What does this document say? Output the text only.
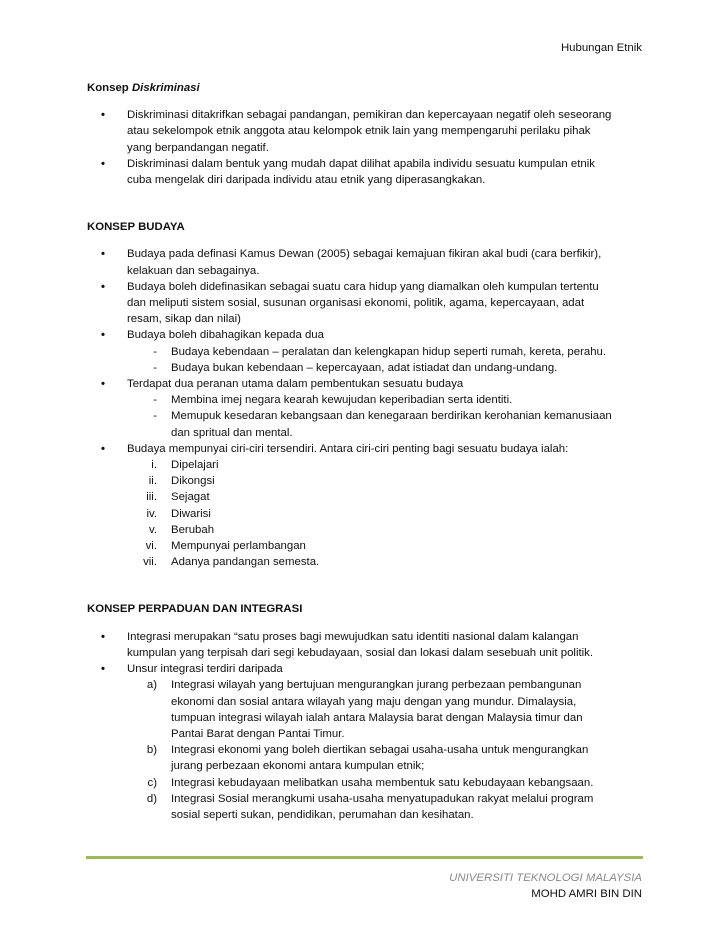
Hubungan Etnik
Konsep Diskriminasi
• Diskriminasi ditakrifkan sebagai pandangan, pemikiran dan kepercayaan negatif oleh seseorang
atau sekelompok etnik anggota atau kelompok etnik lain yang mempengaruhi perilaku pihak
yang berpandangan negatif.
• Diskriminasi dalam bentuk yang mudah dapat dilihat apabila individu sesuatu kumpulan etnik
cuba mengelak diri daripada individu atau etnik yang diperasangkakan.
KONSEP BUDAYA
• Budaya pada definasi Kamus Dewan (2005) sebagai kemajuan fikiran akal budi (cara berfikir),
kelakuan dan sebagainya.
• Budaya boleh didefinasikan sebagai suatu cara hidup yang diamalkan oleh kumpulan tertentu
dan meliputi sistem sosial, susunan organisasi ekonomi, politik, agama, kepercayaan, adat
resam, sikap dan nilai)
• Budaya boleh dibahagikan kepada dua
- Budaya kebendaan – peralatan dan kelengkapan hidup seperti rumah, kereta, perahu.
- Budaya bukan kebendaan – kepercayaan, adat istiadat dan undang-undang.
• Terdapat dua peranan utama dalam pembentukan sesuatu budaya
- Membina imej negara kearah kewujudan keperibadian serta identiti.
- Memupuk kesedaran kebangsaan dan kenegaraan berdirikan kerohanian kemanusiaan
dan spritual dan mental.
• Budaya mempunyai ciri-ciri tersendiri. Antara ciri-ciri penting bagi sesuatu budaya ialah:
i. Dipelajari
ii. Dikongsi
iii. Sejagat
iv. Diwarisi
v. Berubah
vi. Mempunyai perlambangan
vii. Adanya pandangan semesta.
KONSEP PERPADUAN DAN INTEGRASI
• Integrasi merupakan “satu proses bagi mewujudkan satu identiti nasional dalam kalangan
kumpulan yang terpisah dari segi kebudayaan, sosial dan lokasi dalam sesebuah unit politik.
• Unsur integrasi terdiri daripada
a) Integrasi wilayah yang bertujuan mengurangkan jurang perbezaan pembangunan
ekonomi dan sosial antara wilayah yang maju dengan yang mundur. Dimalaysia,
tumpuan integrasi wilayah ialah antara Malaysia barat dengan Malaysia timur dan
Pantai Barat dengan Pantai Timur.
b) Integrasi ekonomi yang boleh diertikan sebagai usaha-usaha untuk mengurangkan
jurang perbezaan ekonomi antara kumpulan etnik;
c) Integrasi kebudayaan melibatkan usaha membentuk satu kebudayaan kebangsaan.
d) Integrasi Sosial merangkumi usaha-usaha menyatupadukan rakyat melalui program
sosial seperti sukan, pendidikan, perumahan dan kesihatan.
UNIVERSITI TEKNOLOGI MALAYSIA
MOHD AMRI BIN DIN
